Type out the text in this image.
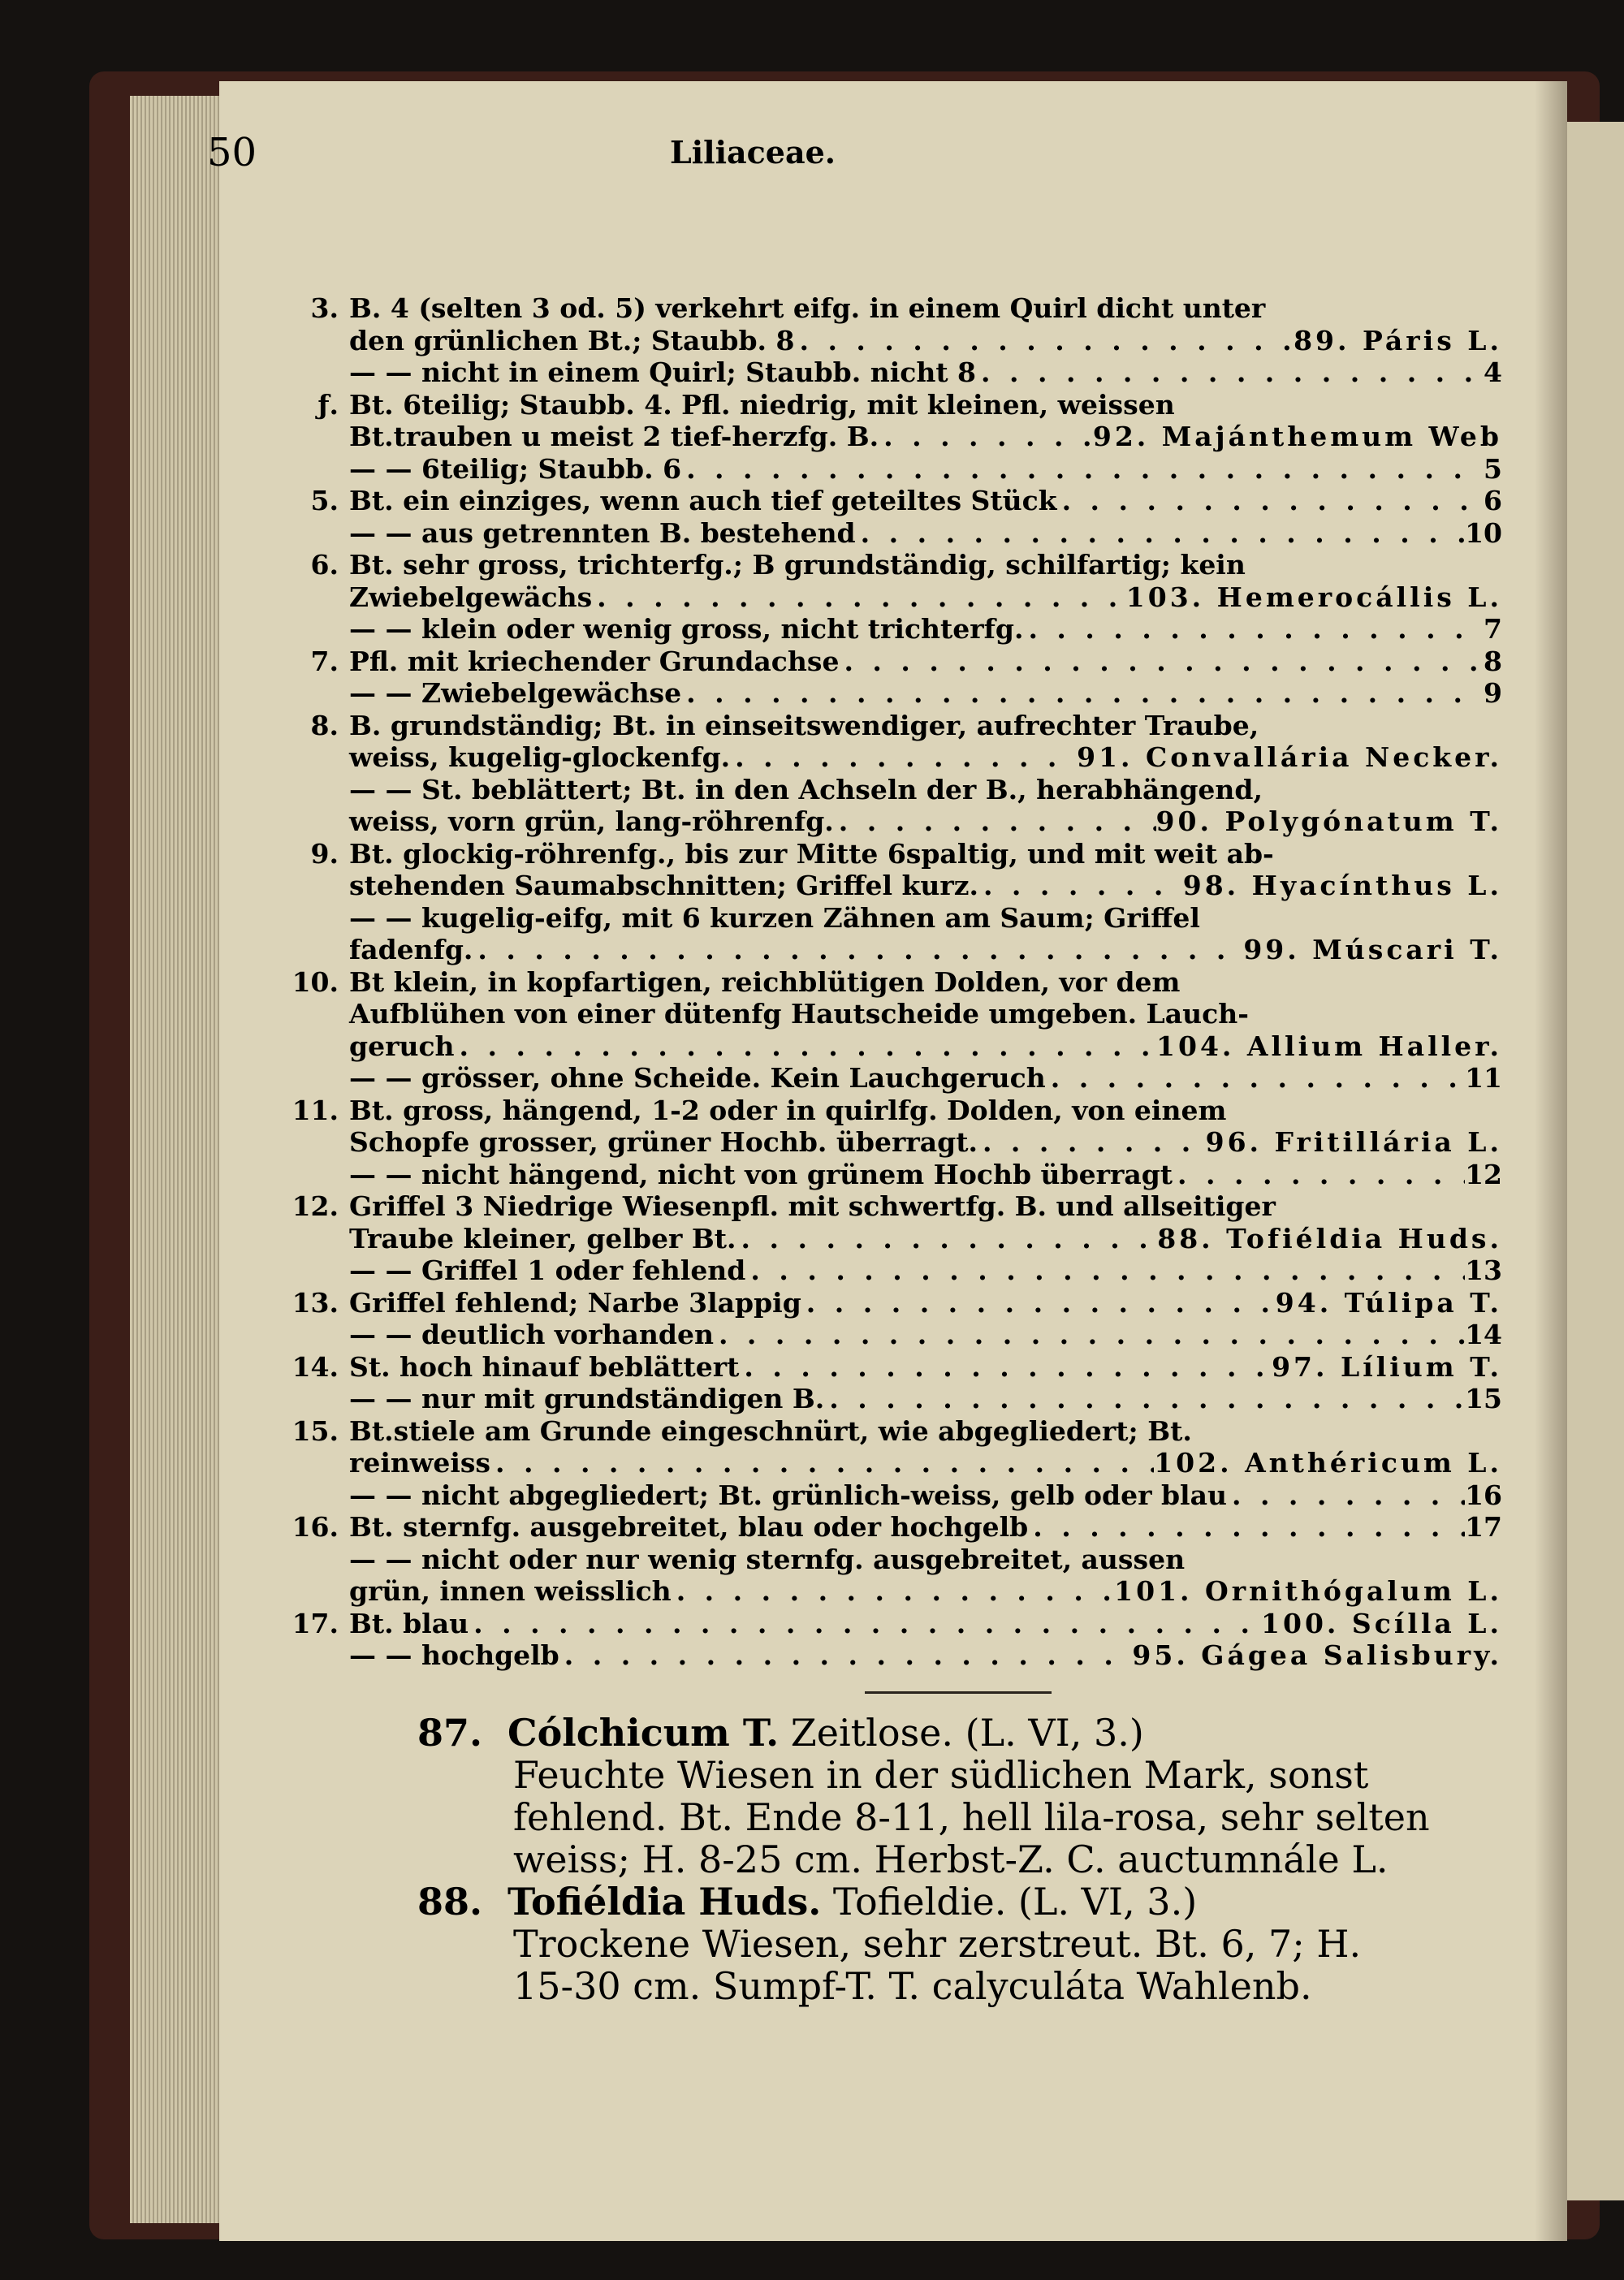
50	Liliaceae.
3. B. 4 (selten 3 od. 5) verkehrt eifg. in einem Quirl dicht unter
den grünlichen Bt.; Staubb. 8 . . .	89. Páris L.
— — nicht in einem Quirl; Staubb. nicht 8 . . .	4
ƒ. Bt. 6teilig; Staubb. 4. Pfl. niedrig, mit kleinen, weissen
Bt.trauben u meist 2 tief-herzfg. B. . . .	92. Majánthemum Web
— — 6teilig; Staubb. 6 . . .	5
5. Bt. ein einziges, wenn auch tief geteiltes Stück . . .	6
— — aus getrennten B. bestehend . . .	10
6. Bt. sehr gross, trichterfg.; B grundständig, schilfartig; kein
Zwiebelgewächs . . .	103. Hemerocállis L.
— — klein oder wenig gross, nicht trichterfg. . . .	7
7. Pfl. mit kriechender Grundachse . . .	8
— — Zwiebelgewächse . . .	9
8. B. grundständig; Bt. in einseitswendiger, aufrechter Traube,
weiss, kugelig-glockenfg. . . .	91. Convallária Necker.
— — St. beblättert; Bt. in den Achseln der B., herabhängend,
weiss, vorn grün, lang-röhrenfg. . . .	90. Polygónatum T.
9. Bt. glockig-röhrenfg., bis zur Mitte 6spaltig, und mit weit ab-
stehenden Saumabschnitten; Griffel kurz. . . .	98. Hyacínthus L.
— — kugelig-eifg, mit 6 kurzen Zähnen am Saum; Griffel
fadenfg. . . .	99. Múscari T.
10. Bt klein, in kopfartigen, reichblütigen Dolden, vor dem
Aufblühen von einer dütenfg Hautscheide umgeben. Lauch-
geruch . . .	104. Allium Haller.
— — grösser, ohne Scheide. Kein Lauchgeruch . . .	11
11. Bt. gross, hängend, 1-2 oder in quirlfg. Dolden, von einem
Schopfe grosser, grüner Hochb. überragt. . . .	96. Fritillária L.
— — nicht hängend, nicht von grünem Hochb überragt . . .	12
12. Griffel 3 Niedrige Wiesenpfl. mit schwertfg. B. und allseitiger
Traube kleiner, gelber Bt. . . .	88. Tofiéldia Huds.
— — Griffel 1 oder fehlend . . .	13
13. Griffel fehlend; Narbe 3lappig . . .	94. Túlipa T.
— — deutlich vorhanden . . .	14
14. St. hoch hinauf beblättert . . .	97. Lílium T.
— — nur mit grundständigen B. . . .	15
15. Bt.stiele am Grunde eingeschnürt, wie abgegliedert; Bt.
reinweiss . . .	102. Anthéricum L.
— — nicht abgegliedert; Bt. grünlich-weiss, gelb oder blau . . .	16
16. Bt. sternfg. ausgebreitet, blau oder hochgelb . . .	17
— — nicht oder nur wenig sternfg. ausgebreitet, aussen
grün, innen weisslich . . .	101. Ornithógalum L.
17. Bt. blau . . .	100. Scílla L.
— — hochgelb . . .	95. Gágea Salisbury.
87. Cólchicum T. Zeitlose. (L. VI, 3.)
Feuchte Wiesen in der südlichen Mark, sonst
fehlend. Bt. Ende 8-11, hell lila-rosa, sehr selten
weiss; H. 8-25 cm. Herbst-Z. C. auctumnále L.
88. Tofiéldia Huds. Tofieldie. (L. VI, 3.)
Trockene Wiesen, sehr zerstreut. Bt. 6, 7; H.
15-30 cm. Sumpf-T. T. calyculáta Wahlenb.
